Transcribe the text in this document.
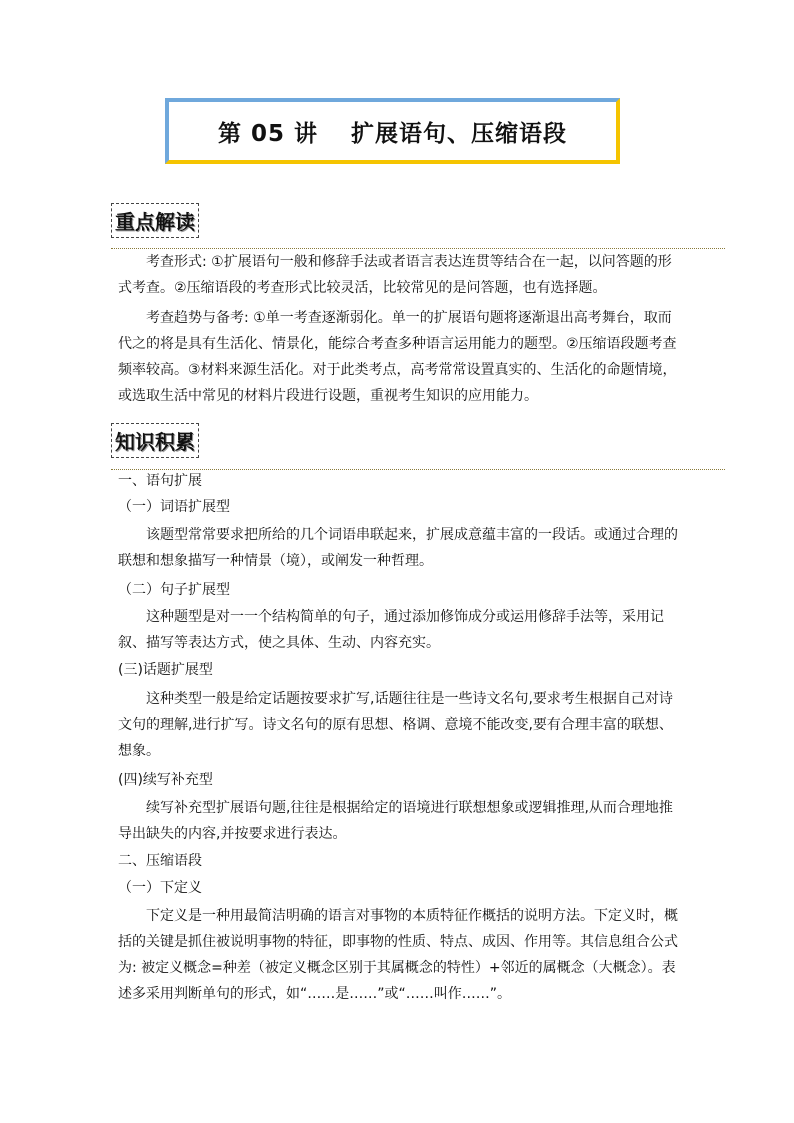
第 05 讲　 扩展语句、压缩语段
重点解读
考查形式: ①扩展语句一般和修辞手法或者语言表达连贯等结合在一起，以问答题的形式考查。②压缩语段的考查形式比较灵活，比较常见的是问答题，也有选择题。
考查趋势与备考: ①单一考查逐渐弱化。单一的扩展语句题将逐渐退出高考舞台，取而代之的将是具有生活化、情景化，能综合考查多种语言运用能力的题型。②压缩语段题考查频率较高。③材料来源生活化。对于此类考点，高考常常设置真实的、生活化的命题情境，或选取生活中常见的材料片段进行设题，重视考生知识的应用能力。
知识积累
一、语句扩展
（一）词语扩展型
该题型常常要求把所给的几个词语串联起来，扩展成意蕴丰富的一段话。或通过合理的联想和想象描写一种情景（境），或阐发一种哲理。
（二）句子扩展型
这种题型是对一一个结构简单的句子，通过添加修饰成分或运用修辞手法等，采用记叙、描写等表达方式，使之具体、生动、内容充实。
(三)话题扩展型
这种类型一般是给定话题按要求扩写,话题往往是一些诗文名句,要求考生根据自己对诗文句的理解,进行扩写。诗文名句的原有思想、格调、意境不能改变,要有合理丰富的联想、想象。
(四)续写补充型
续写补充型扩展语句题,往往是根据给定的语境进行联想想象或逻辑推理,从而合理地推导出缺失的内容,并按要求进行表达。
二、压缩语段
（一）下定义
下定义是一种用最简洁明确的语言对事物的本质特征作概括的说明方法。下定义时，概括的关键是抓住被说明事物的特征，即事物的性质、特点、成因、作用等。其信息组合公式为: 被定义概念=种差（被定义概念区别于其属概念的特性）+邻近的属概念（大概念）。表述多采用判断单句的形式，如“……是……”或“……叫作……”。
